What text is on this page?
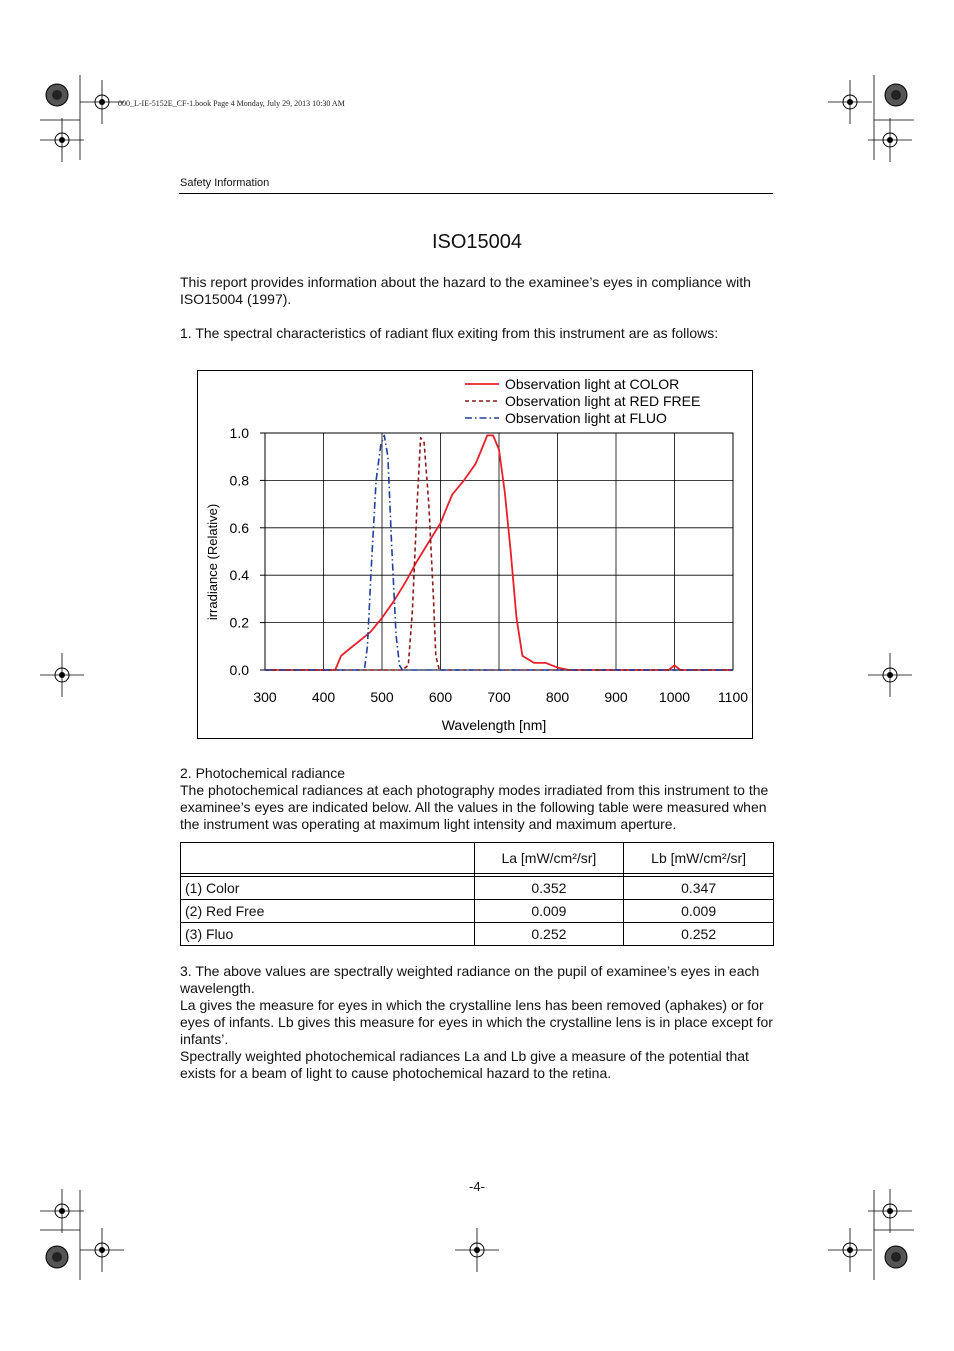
000_L-IE-5152E_CF-1.book Page 4 Monday, July 29, 2013 10:30 AM
Safety Information
ISO15004
This report provides information about the hazard to the examinee’s eyes in compliance with ISO15004 (1997).
1. The spectral characteristics of radiant flux exiting from this instrument are as follows:
300	400	500	600	700	800	900 1000 1100
0.0
0.2
0.4
0.6
0.8
1.0
Observation light at COLOR
Observation light at RED FREE
Observation light at FLUO
Wavelength [nm]
irradiance (Relative)
2. Photochemical radiance
The photochemical radiances at each photography modes irradiated from this instrument to the examinee’s eyes are indicated below. All the values in the following table were measured when the instrument was operating at maximum light intensity and maximum aperture.
	La [mW/cm²/sr]	Lb [mW/cm²/sr]

(1) Color	0.352	0.347
(2) Red Free	0.009	0.009
(3) Fluo	0.252	0.252
3. The above values are spectrally weighted radiance on the pupil of examinee’s eyes in each wavelength.
La gives the measure for eyes in which the crystalline lens has been removed (aphakes) or for eyes of infants. Lb gives this measure for eyes in which the crystalline lens is in place except for infants’.
Spectrally weighted photochemical radiances La and Lb give a measure of the potential that exists for a beam of light to cause photochemical hazard to the retina.
-4-
